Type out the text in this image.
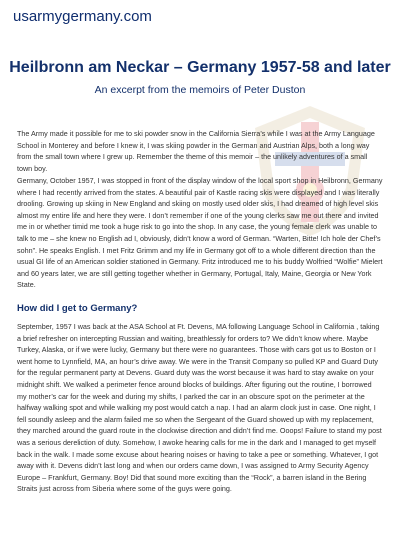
usarmygermany.com
Heilbronn am Neckar – Germany 1957-58 and later
An excerpt from the memoirs of Peter Duston

The Army made it possible for me to ski powder snow in the California Sierra’s while I was at the Army Language School in Monterey and before I knew it, I was skiing powder in the German and Austrian Alps, both a long way from the small town where I grew up. Remember the theme of this memoir – the unlikely adventures of a small town boy.

Germany, October 1957, I was stopped in front of the display window of the local sport shop in Heilbronn, Germany where I had recently arrived from the states. A beautiful pair of Kastle racing skis were displayed and I was literally drooling. Growing up skiing in New England and skiing on mostly used older skis, I had dreamed of high level skis almost my entire life and here they were. I don’t remember if one of the young clerks saw me out there and invited me in or whether timid me took a huge risk to go into the shop. In any case, the young female clerk was unable to talk to me – she knew no English ad I, obviously, didn’t know a word of German. “Warten, Bitte! Ich hole der Chef’s sohn”. He speaks English. I met Fritz Grimm and my life in Germany got off to a whole different direction than the usual GI life of an American soldier stationed in Germany. Fritz introduced me to his buddy Wolfried “Wolfie” Mielert and 60 years later, we are still getting together whether in Germany, Portugal, Italy, Maine, Georgia or New York State.

How did I get to Germany?

September, 1957 I was back at the ASA School at Ft. Devens, MA following Language School in California , taking a brief refresher on intercepting Russian and waiting, breathlessly for orders to? We didn’t know where. Maybe Turkey, Alaska, or if we were lucky, Germany but there were no guarantees. Those with cars got us to Boston or I went home to Lynnfield, MA, an hour’s drive away. We were in the Transit Company so pulled KP and Guard Duty for the regular permanent party at Devens. Guard duty was the worst because it was hard to stay awake on your midnight shift. We walked a perimeter fence around blocks of buildings. After figuring out the routine, I borrowed my mother’s car for the week and during my shifts, I parked the car in an obscure spot on the perimeter at the halfway walking spot and while walking my post would catch a nap. I had an alarm clock just in case. One night, I fell soundly asleep and the alarm failed me so when the Sergeant of the Guard showed up with my replacement, they marched around the guard route in the clockwise direction and didn’t find me. Ooops! Failure to stand my post was a serious dereliction of duty. Somehow, I awoke hearing calls for me in the dark and I managed to get myself back in the walk. I made some excuse about hearing noises or having to take a pee or something. Whatever, I got away with it. Devens didn’t last long and when our orders came down, I was assigned to Army Security Agency Europe – Frankfurt, Germany. Boy! Did that sound more exciting than the “Rock”, a barren island in the Bering Straits just across from Siberia where some of the guys were going.
